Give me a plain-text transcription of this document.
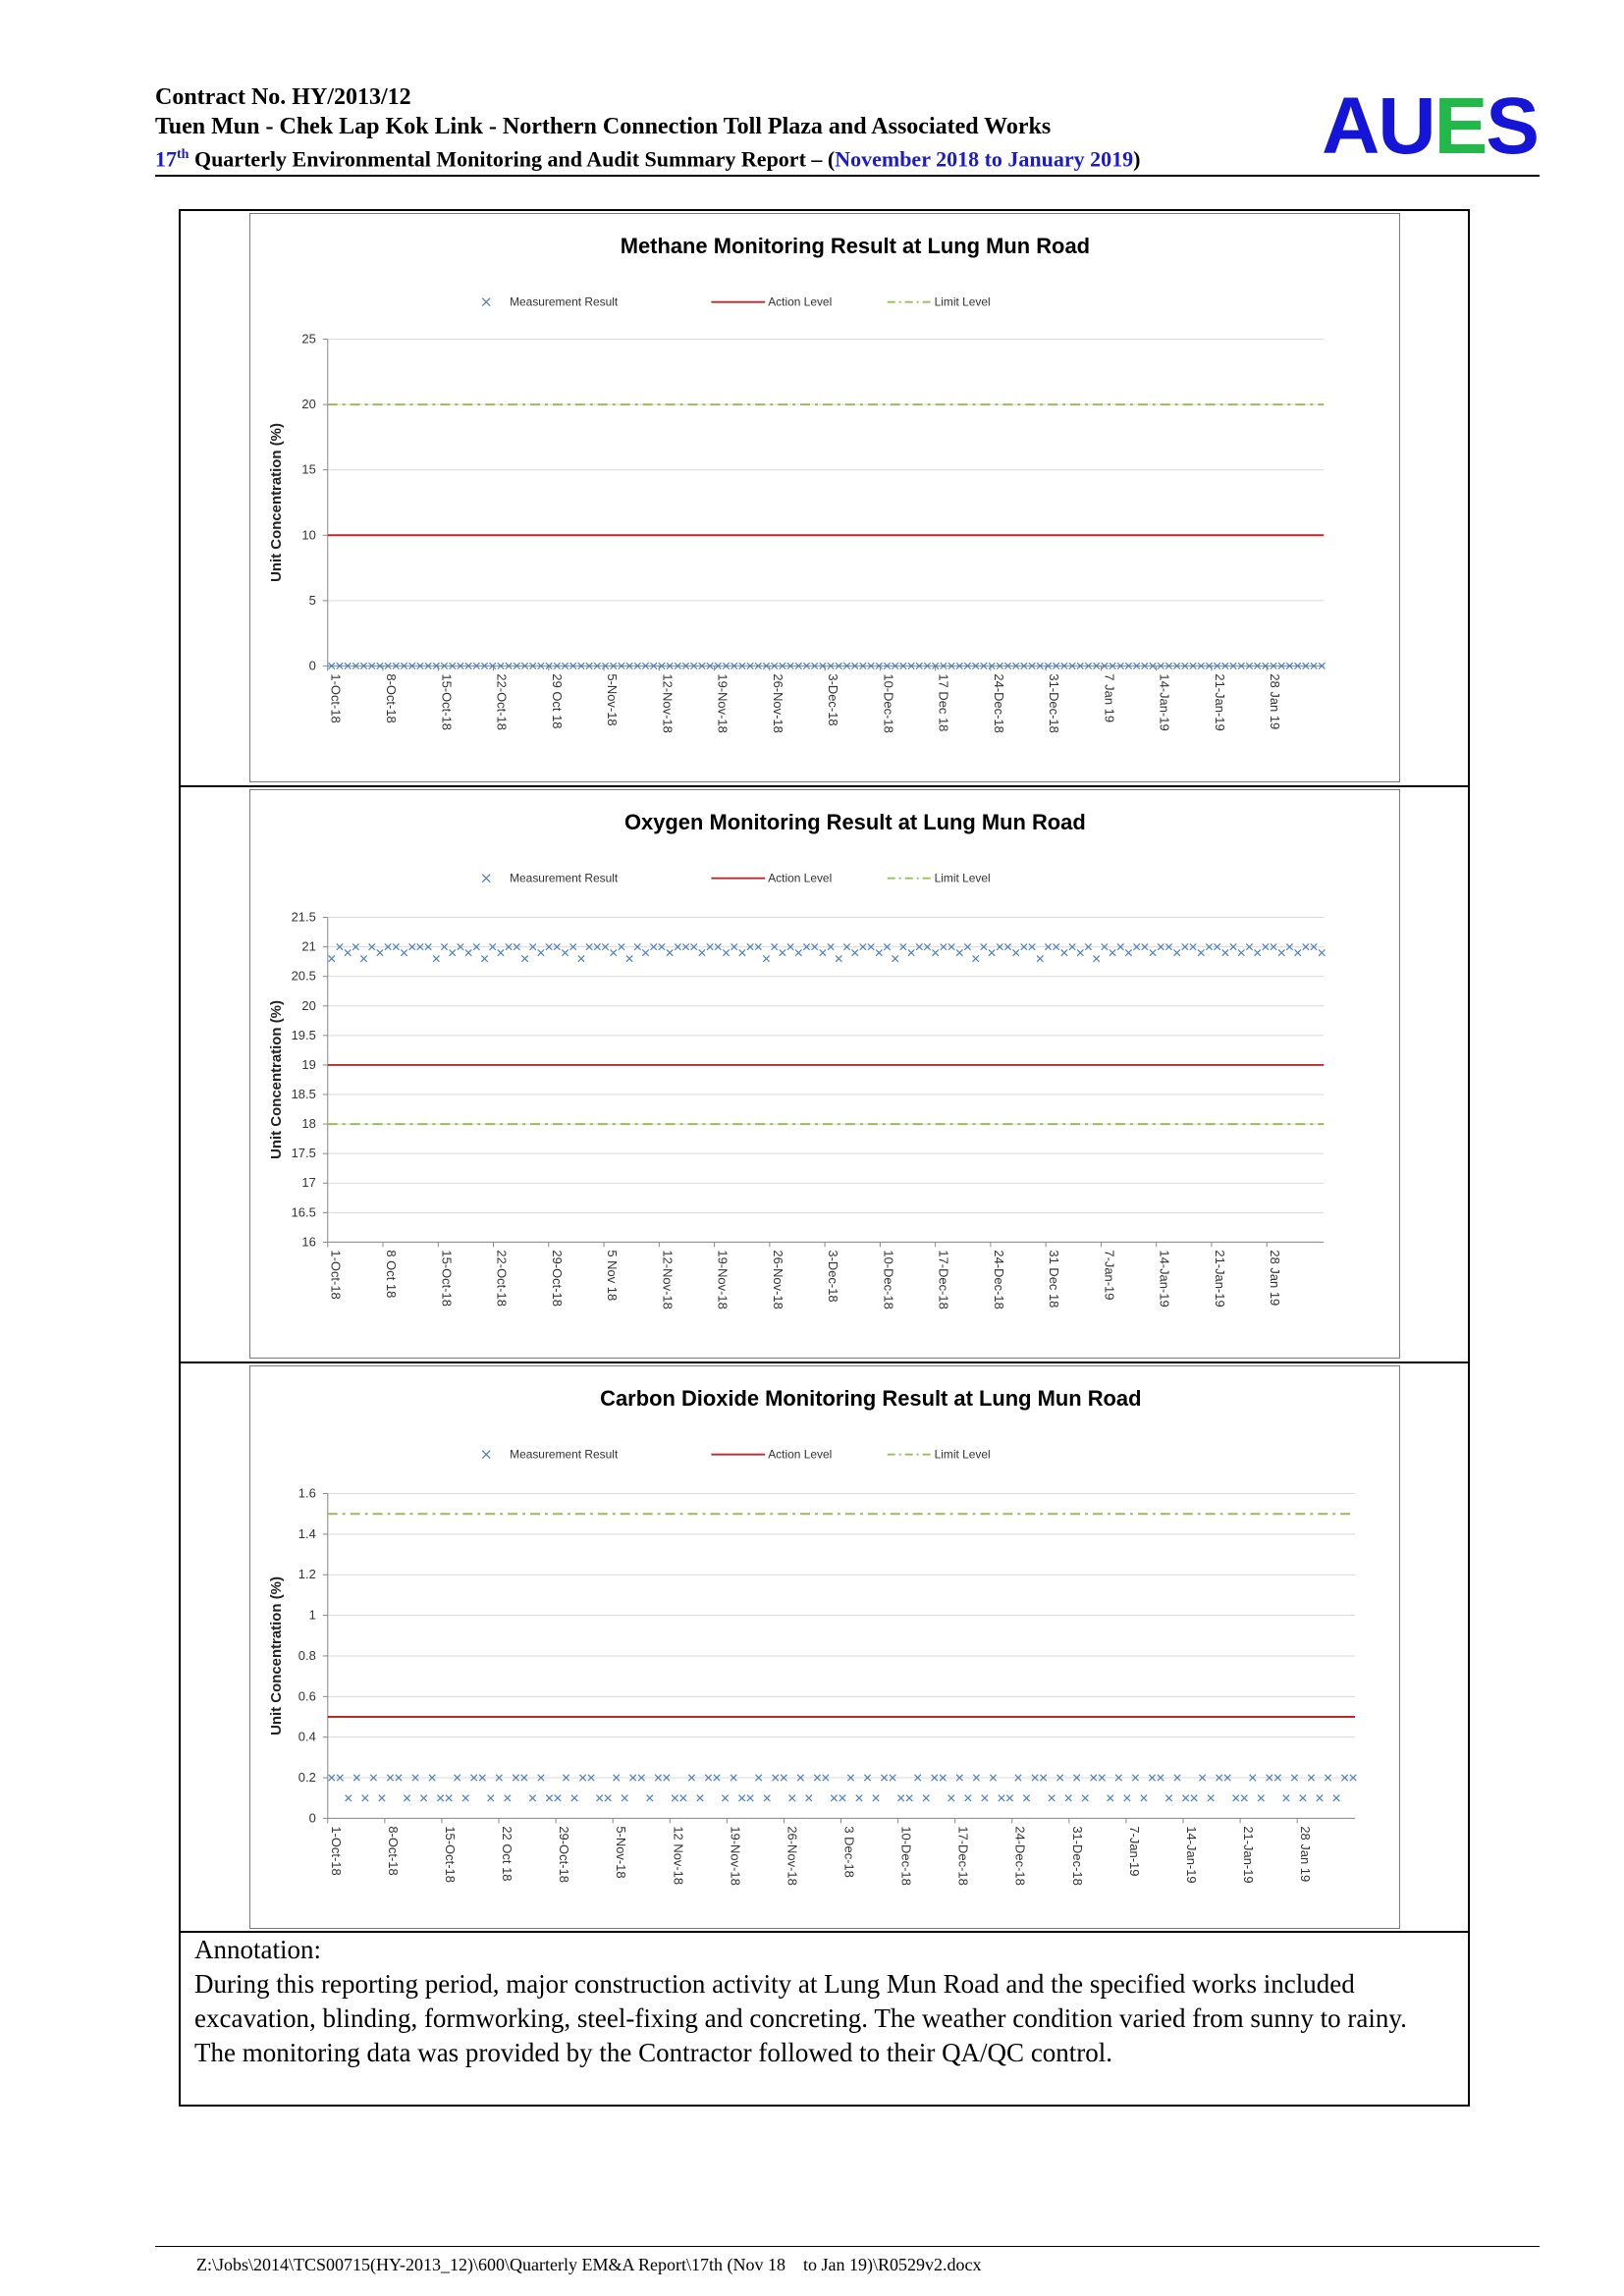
Contract No. HY/2013/12
Tuen Mun - Chek Lap Kok Link - Northern Connection Toll Plaza and Associated Works
17th Quarterly Environmental Monitoring and Audit Summary Report – (November 2018 to January 2019)	AUES
Methane Monitoring Result at Lung Mun Road
Measurement Result	Action Level	Limit Level
0
5
10
15
20
25
Unit Concentration (%)
1-Oct-18	8-Oct-18	15-Oct-18	22-Oct-18	29 Oct 18	5-Nov-18	12-Nov-18	19-Nov-18	26-Nov-18	3-Dec-18	10-Dec-18	17 Dec 18	24-Dec-18	31-Dec-18	7 Jan 19	14-Jan-19	21-Jan-19	28 Jan 19
Oxygen Monitoring Result at Lung Mun Road
Measurement Result	Action Level	Limit Level
16
16.5
17
17.5
18
18.5
19
19.5
20
20.5
21
21.5
Unit Concentration (%)
1-Oct-18	8 Oct 18	15-Oct-18	22-Oct-18	29-Oct-18	5 Nov 18	12-Nov-18	19-Nov-18	26-Nov-18	3-Dec-18	10-Dec-18	17-Dec-18	24-Dec-18	31 Dec 18	7-Jan-19	14-Jan-19	21-Jan-19	28 Jan 19
Carbon Dioxide Monitoring Result at Lung Mun Road
Measurement Result	Action Level	Limit Level
0
0.2
0.4
0.6
0.8
1
1.2
1.4
1.6
Unit Concentration (%)
1-Oct-18	8-Oct-18	15-Oct-18	22 Oct 18	29-Oct-18	5-Nov-18	12 Nov-18	19-Nov-18	26-Nov-18	3 Dec-18	10-Dec-18	17-Dec-18	24-Dec-18	31-Dec-18	7-Jan-19	14-Jan-19	21-Jan-19	28 Jan 19

Annotation:

During this reporting period, major construction activity at Lung Mun Road and the specified works included excavation, blinding, formworking, steel-fixing and concreting. The weather condition varied from sunny to rainy. The monitoring data was provided by the Contractor followed to their QA/QC control.

Z:\Jobs\2014\TCS00715(HY-2013_12)\600\Quarterly EM&A Report\17th (Nov 18    to Jan 19)\R0529v2.docx
